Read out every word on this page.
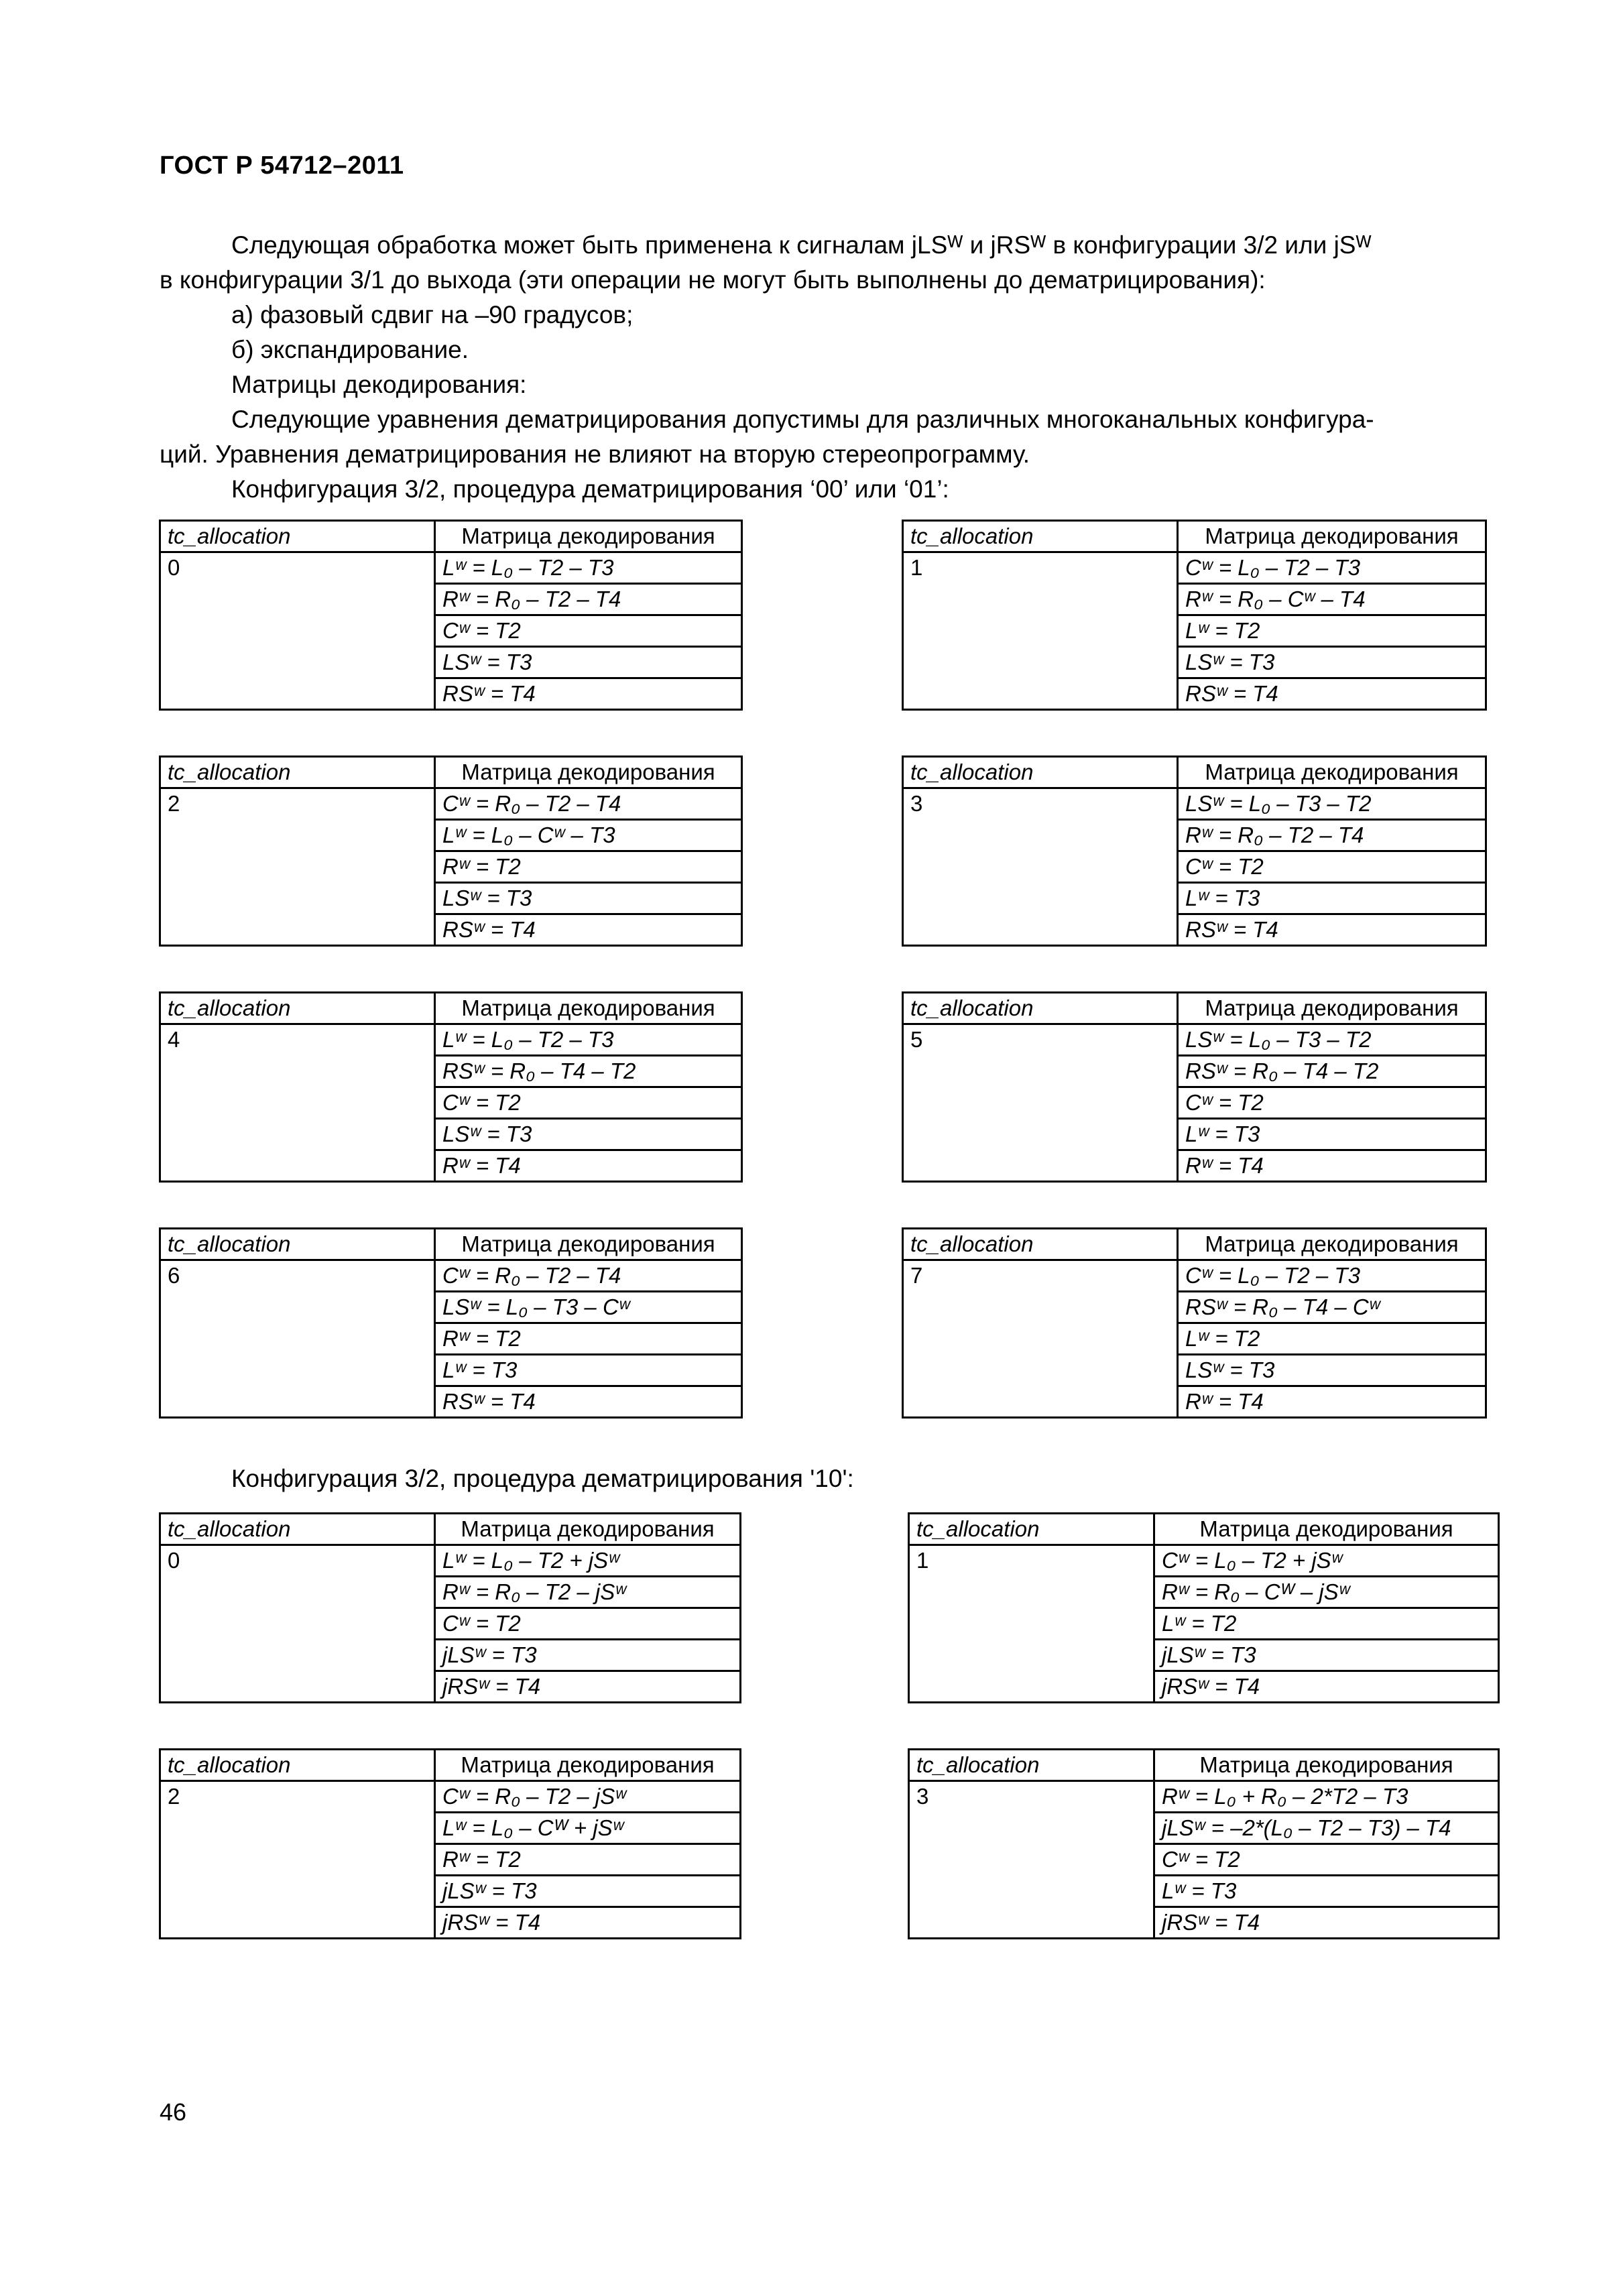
ГОСТ Р 54712–2011
Следующая обработка может быть применена к сигналам jLSᵂ и jRSᵂ в конфигурации 3/2 или jSᵂ
в конфигурации 3/1 до выхода (эти операции не могут быть выполнены до дематрицирования):
а) фазовый сдвиг на –90 градусов;
б) экспандирование.
Матрицы декодирования:
Следующие уравнения дематрицирования допустимы для различных многоканальных конфигура-
ций. Уравнения дематрицирования не влияют на вторую стереопрограмму.
Конфигурация 3/2, процедура дематрицирования ‘00’ или ‘01’:
Конфигурация 3/2, процедура дематрицирования '10':
tc_allocation	Матрица декодирования
0	Lʷ = L₀ – T2 – T3
	Rʷ = R₀ – T2 – T4
	Cʷ = T2
	LSʷ = T3
	RSʷ = T4
tc_allocation	Матрица декодирования
1	Cʷ = L₀ – T2 – T3
	Rʷ = R₀ – Cʷ – T4
	Lʷ = T2
	LSʷ = T3
	RSʷ = T4
tc_allocation	Матрица декодирования
2	Cʷ = R₀ – T2 – T4
	Lʷ = L₀ – Cʷ – T3
	Rʷ = T2
	LSʷ = T3
	RSʷ = T4
tc_allocation	Матрица декодирования
3	LSʷ = L₀ – T3 – T2
	Rʷ = R₀ – T2 – T4
	Cʷ = T2
	Lʷ = T3
	RSʷ = T4
tc_allocation	Матрица декодирования
4	Lʷ = L₀ – T2 – T3
	RSʷ = R₀ – T4 – T2
	Cʷ = T2
	LSʷ = T3
	Rʷ = T4
tc_allocation	Матрица декодирования
5	LSʷ = L₀ – T3 – T2
	RSʷ = R₀ – T4 – T2
	Cʷ = T2
	Lʷ = T3
	Rʷ = T4
tc_allocation	Матрица декодирования
6	Cʷ = R₀ – T2 – T4
	LSʷ = L₀ – T3 – Cʷ
	Rʷ = T2
	Lʷ = T3
	RSʷ = T4
tc_allocation	Матрица декодирования
7	Cʷ = L₀ – T2 – T3
	RSʷ = R₀ – T4 – Cʷ
	Lʷ = T2
	LSʷ = T3
	Rʷ = T4
tc_allocation	Матрица декодирования
0	Lʷ = L₀ – T2 + jSʷ
	Rʷ = R₀ – T2 – jSʷ
	Cʷ = T2
	jLSʷ = T3
	jRSʷ = T4
tc_allocation	Матрица декодирования
1	Cʷ = L₀ – T2 + jSʷ
	Rʷ = R₀ – Cᵂ – jSʷ
	Lʷ = T2
	jLSʷ = T3
	jRSʷ = T4
tc_allocation	Матрица декодирования
2	Cʷ = R₀ – T2 – jSʷ
	Lʷ = L₀ – Cᵂ + jSʷ
	Rʷ = T2
	jLSʷ = T3
	jRSʷ = T4
tc_allocation	Матрица декодирования
3	Rʷ = L₀ + R₀ – 2*T2 – T3
	jLSʷ = –2*(L₀ – T2 – T3) – T4
	Cʷ = T2
	Lʷ = T3
	jRSʷ = T4
46
